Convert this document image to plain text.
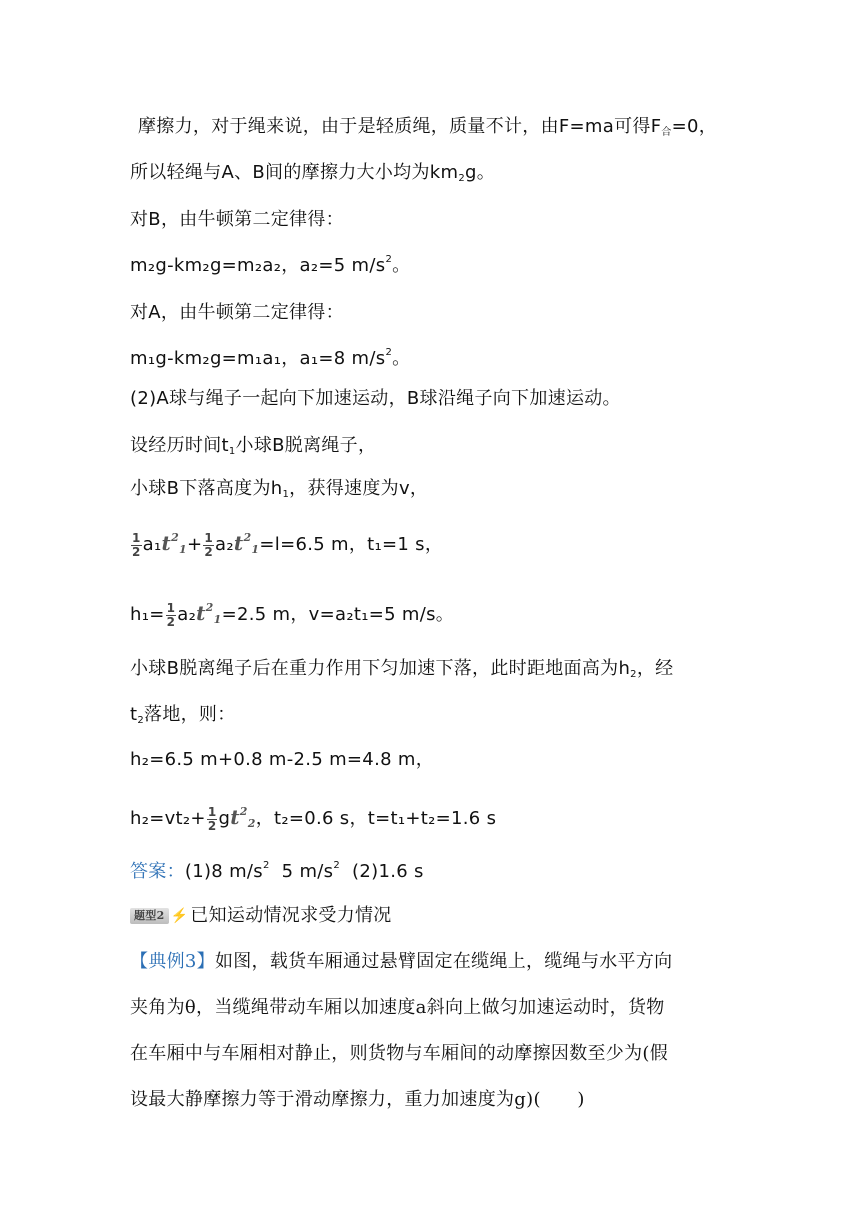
摩擦力，对于绳来说，由于是轻质绳，质量不计，由F=ma可得$F_合=0$，
所以轻绳与A、B间的摩擦力大小均为$km_2g$。
对B，由牛顿第二定律得：
m₂g-km₂g=m₂a₂，a₂=5 $m/s^2$。
对A，由牛顿第二定律得：
m₁g-km₂g=m₁a₁，a₁=8 $m/s^2$。
(2)A球与绳子一起向下加速运动，B球沿绳子向下加速运动。
设经历时间$t_1$小球B脱离绳子，
小球B下落高度为$h_1$，获得速度为v，
$\frac{1}{2} a_1t^2_1+ \frac{1}{2} a_2t^2_1=l=6.5$ m，t₁=1 s，
$h_1= \frac{1}{2} a_2t^2_1=2.5$ m，v=a₂t₁=5 m/s。
小球B脱离绳子后在重力作用下匀加速下落，此时距地面高为$h_2$，经
$t_2$落地，则：
h₂=6.5 m+0.8 m-2.5 m=4.8 m，
$h_2=vt_2+ \frac{1}{2} gt^2_2$，t₂=0.6 s，t=t₁+t₂=1.6 s
答案：(1)8 $m/s^2$  5 $m/s^2$  (2)1.6 s
题型2 ⚡ 已知运动情况求受力情况
【典例3】如图，载货车厢通过悬臂固定在缆绳上，缆绳与水平方向
夹角为θ，当缆绳带动车厢以加速度a斜向上做匀加速运动时，货物
在车厢中与车厢相对静止，则货物与车厢间的动摩擦因数至少为(假
设最大静摩擦力等于滑动摩擦力，重力加速度为g)(　　)
